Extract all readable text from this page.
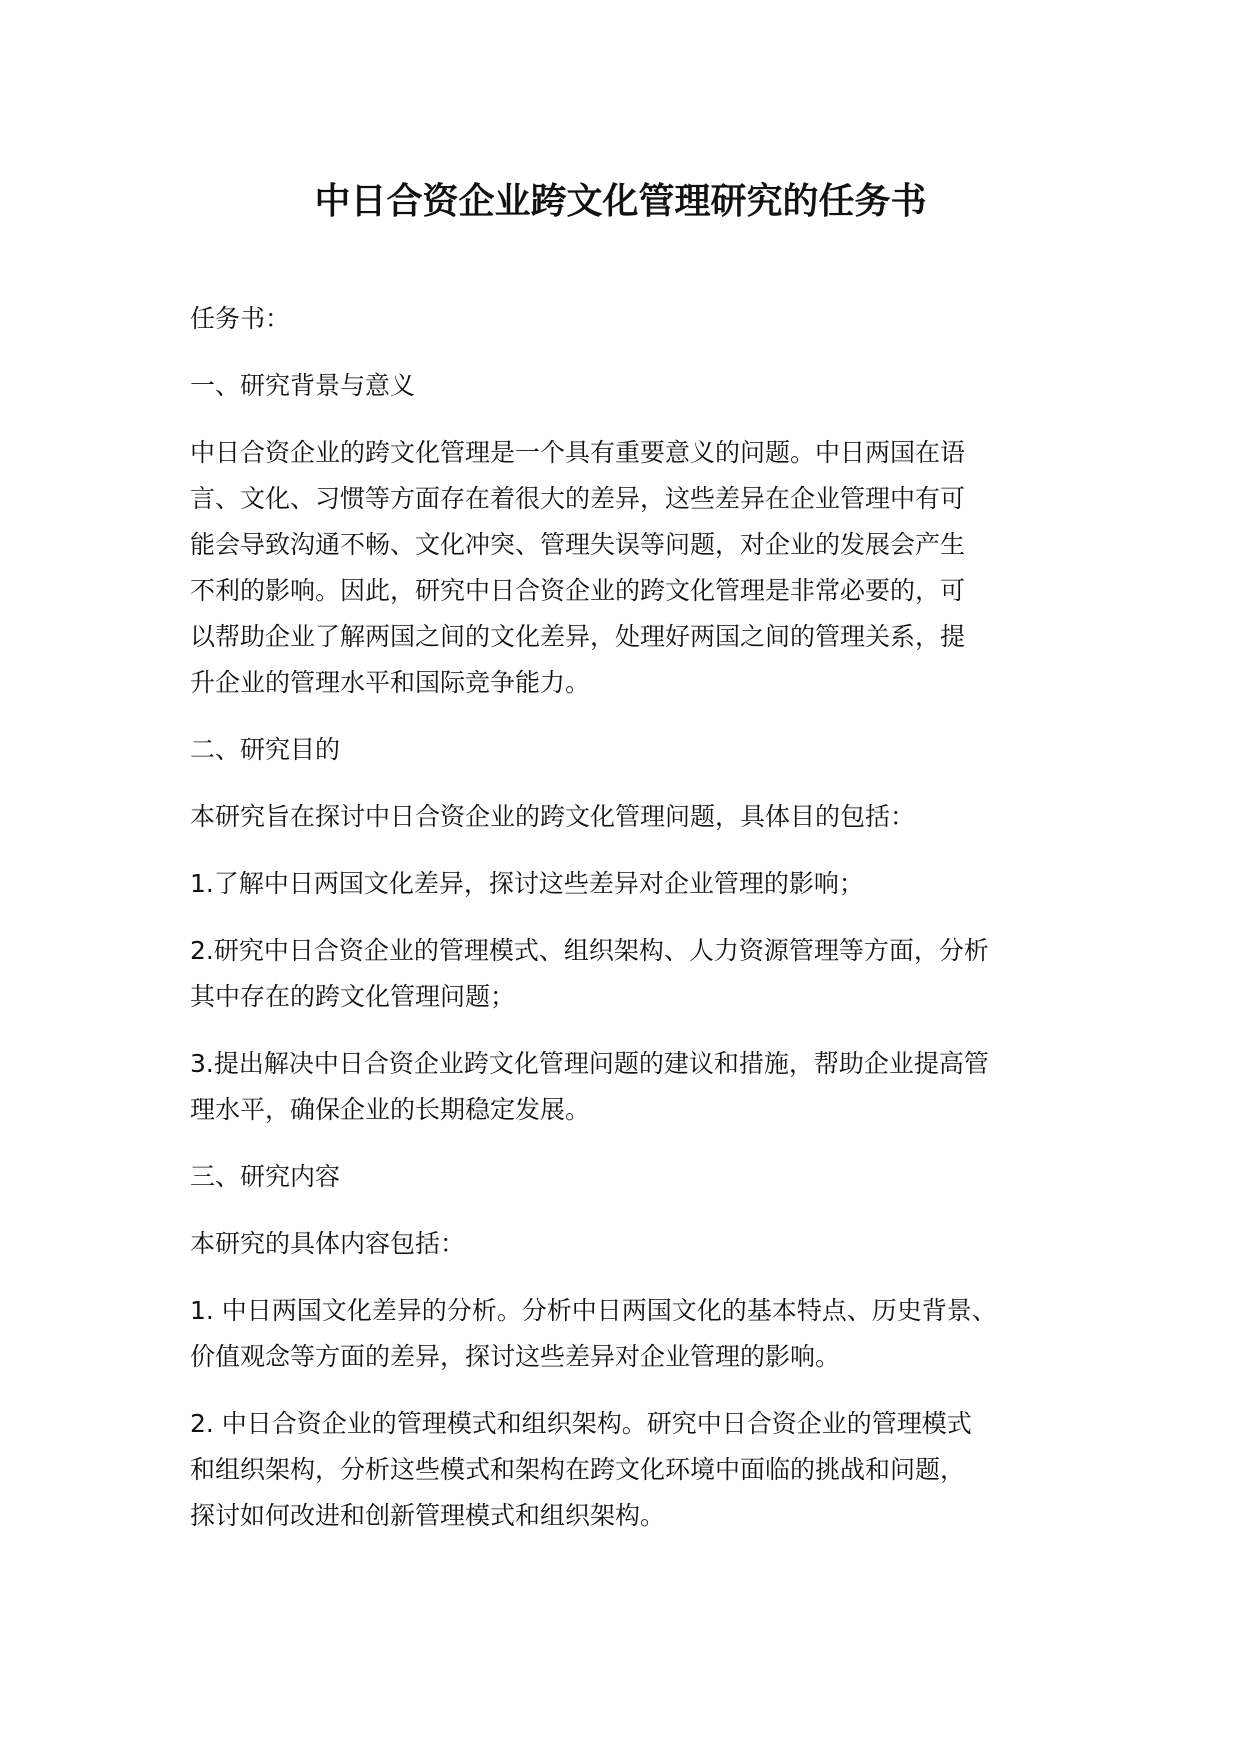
中日合资企业跨文化管理研究的任务书

任务书：

一、研究背景与意义

中日合资企业的跨文化管理是一个具有重要意义的问题。中日两国在语
言、文化、习惯等方面存在着很大的差异，这些差异在企业管理中有可
能会导致沟通不畅、文化冲突、管理失误等问题，对企业的发展会产生
不利的影响。因此，研究中日合资企业的跨文化管理是非常必要的，可
以帮助企业了解两国之间的文化差异，处理好两国之间的管理关系，提
升企业的管理水平和国际竞争能力。

二、研究目的

本研究旨在探讨中日合资企业的跨文化管理问题，具体目的包括：

1.了解中日两国文化差异，探讨这些差异对企业管理的影响；

2.研究中日合资企业的管理模式、组织架构、人力资源管理等方面，分析
其中存在的跨文化管理问题；

3.提出解决中日合资企业跨文化管理问题的建议和措施，帮助企业提高管
理水平，确保企业的长期稳定发展。

三、研究内容

本研究的具体内容包括：

1. 中日两国文化差异的分析。分析中日两国文化的基本特点、历史背景、
价值观念等方面的差异，探讨这些差异对企业管理的影响。

2. 中日合资企业的管理模式和组织架构。研究中日合资企业的管理模式
和组织架构，分析这些模式和架构在跨文化环境中面临的挑战和问题，
探讨如何改进和创新管理模式和组织架构。
